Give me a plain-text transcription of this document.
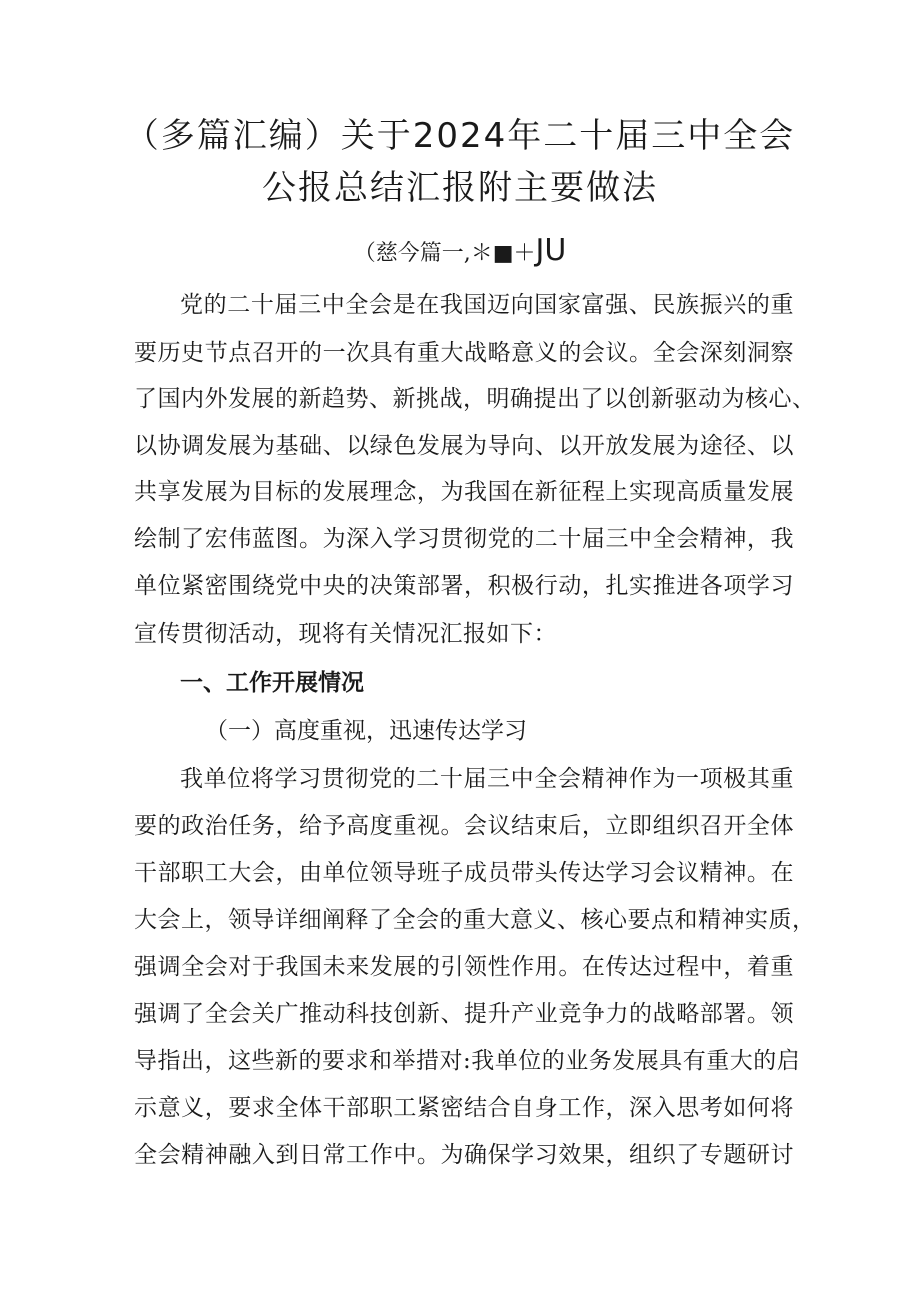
（多篇汇编）关于2024年二十届三中全会
公报总结汇报附主要做法
（慈今篇一,＊■＋JU
党的二十届三中全会是在我国迈向国家富强、民族振兴的重
要历史节点召开的一次具有重大战略意义的会议。全会深刻洞察
了国内外发展的新趋势、新挑战，明确提出了以创新驱动为核心、
以协调发展为基础、以绿色发展为导向、以开放发展为途径、以
共享发展为目标的发展理念，为我国在新征程上实现高质量发展
绘制了宏伟蓝图。为深入学习贯彻党的二十届三中全会精神，我
单位紧密围绕党中央的决策部署，积极行动，扎实推进各项学习
宣传贯彻活动，现将有关情况汇报如下：
一、工作开展情况
（一）高度重视，迅速传达学习
我单位将学习贯彻党的二十届三中全会精神作为一项极其重
要的政治任务，给予高度重视。会议结束后，立即组织召开全体
干部职工大会，由单位领导班子成员带头传达学习会议精神。在
大会上，领导详细阐释了全会的重大意义、核心要点和精神实质，
强调全会对于我国未来发展的引领性作用。在传达过程中，着重
强调了全会关广推动科技创新、提升产业竞争力的战略部署。领
导指出，这些新的要求和举措对:我单位的业务发展具有重大的启
示意义，要求全体干部职工紧密结合自身工作，深入思考如何将
全会精神融入到日常工作中。为确保学习效果，组织了专题研讨
